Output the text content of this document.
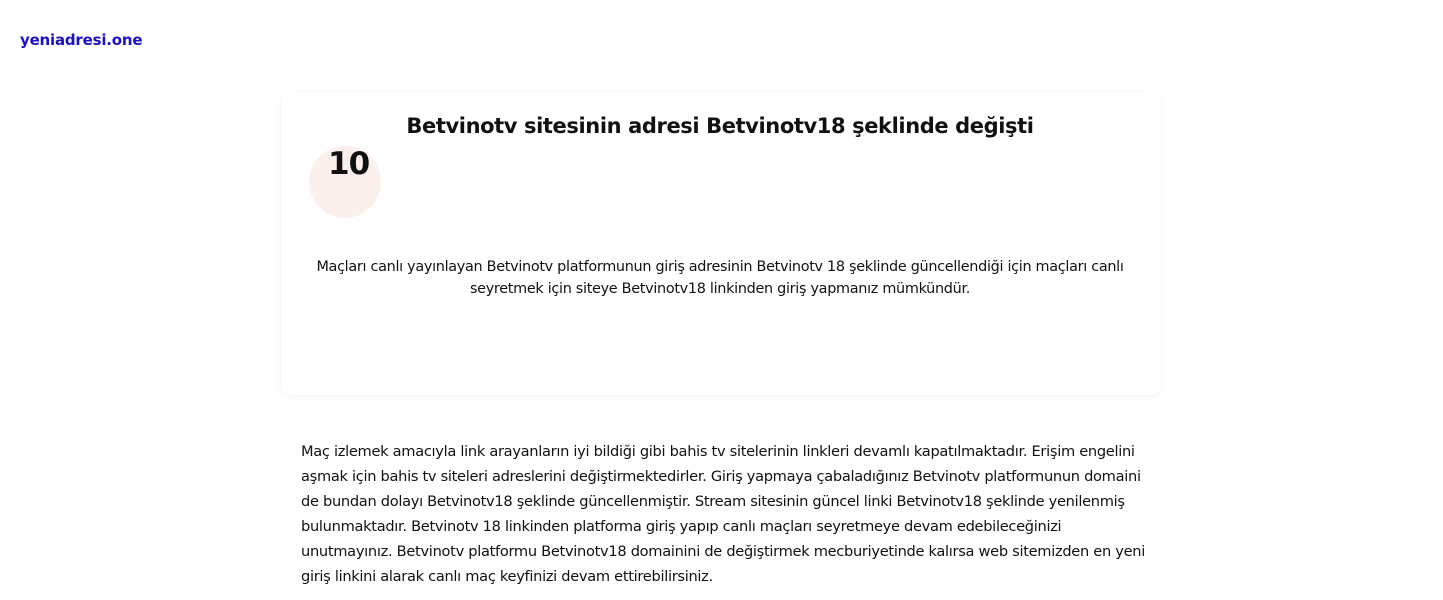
yeniadresi.one
Betvinotv sitesinin adresi Betvinotv18 şeklinde değişti
10

Maçları canlı yayınlayan Betvinotv platformunun giriş adresinin Betvinotv 18 şeklinde güncellendiği için maçları canlı seyretmek için siteye Betvinotv18 linkinden giriş yapmanız mümkündür.

Maç izlemek amacıyla link arayanların iyi bildiği gibi bahis tv sitelerinin linkleri devamlı kapatılmaktadır. Erişim engelini aşmak için bahis tv siteleri adreslerini değiştirmektedirler. Giriş yapmaya çabaladığınız Betvinotv platformunun domaini de bundan dolayı Betvinotv18 şeklinde güncellenmiştir. Stream sitesinin güncel linki Betvinotv18 şeklinde yenilenmiş bulunmaktadır. Betvinotv 18 linkinden platforma giriş yapıp canlı maçları seyretmeye devam edebileceğinizi unutmayınız. Betvinotv platformu Betvinotv18 domainini de değiştirmek mecburiyetinde kalırsa web sitemizden en yeni giriş linkini alarak canlı maç keyfinizi devam ettirebilirsiniz.
